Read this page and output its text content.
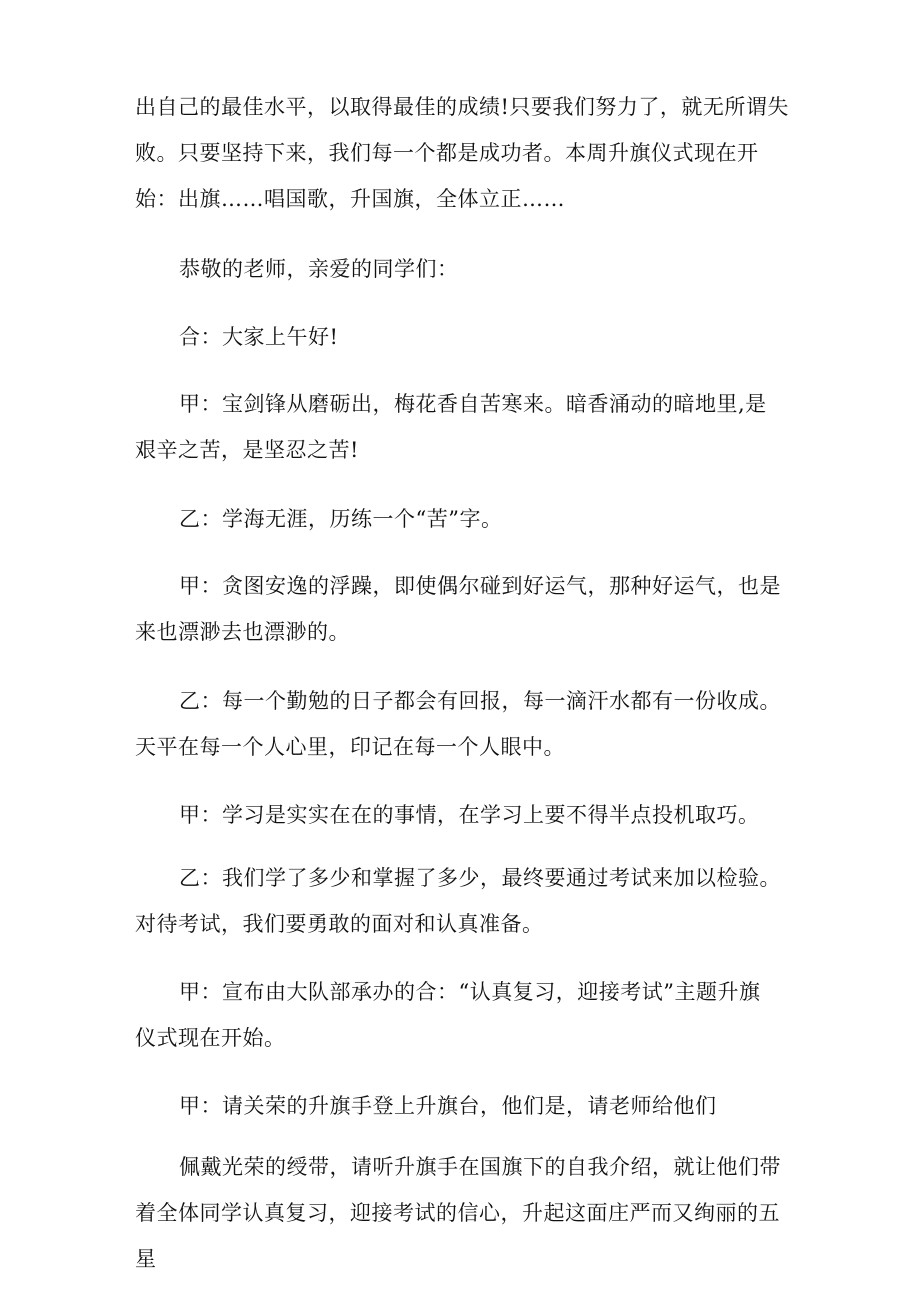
出自己的最佳水平，以取得最佳的成绩!只要我们努力了，就无所谓失

败。只要坚持下来，我们每一个都是成功者。本周升旗仪式现在开

始：出旗……唱国歌，升国旗，全体立正……

恭敬的老师，亲爱的同学们：

合：大家上午好!

甲：宝剑锋从磨砺出，梅花香自苦寒来。暗香涌动的暗地里,是

艰辛之苦，是坚忍之苦!

乙：学海无涯，历练一个“苦”字。

甲：贪图安逸的浮躁，即使偶尔碰到好运气，那种好运气，也是

来也漂渺去也漂渺的。

乙：每一个勤勉的日子都会有回报，每一滴汗水都有一份收成。

天平在每一个人心里，印记在每一个人眼中。

甲：学习是实实在在的事情，在学习上要不得半点投机取巧。

乙：我们学了多少和掌握了多少，最终要通过考试来加以检验。

对待考试，我们要勇敢的面对和认真准备。

甲：宣布由大队部承办的合：“认真复习，迎接考试”主题升旗

仪式现在开始。

甲：请关荣的升旗手登上升旗台，他们是，请老师给他们

佩戴光荣的绶带，请听升旗手在国旗下的自我介绍，就让他们带

着全体同学认真复习，迎接考试的信心，升起这面庄严而又绚丽的五星
